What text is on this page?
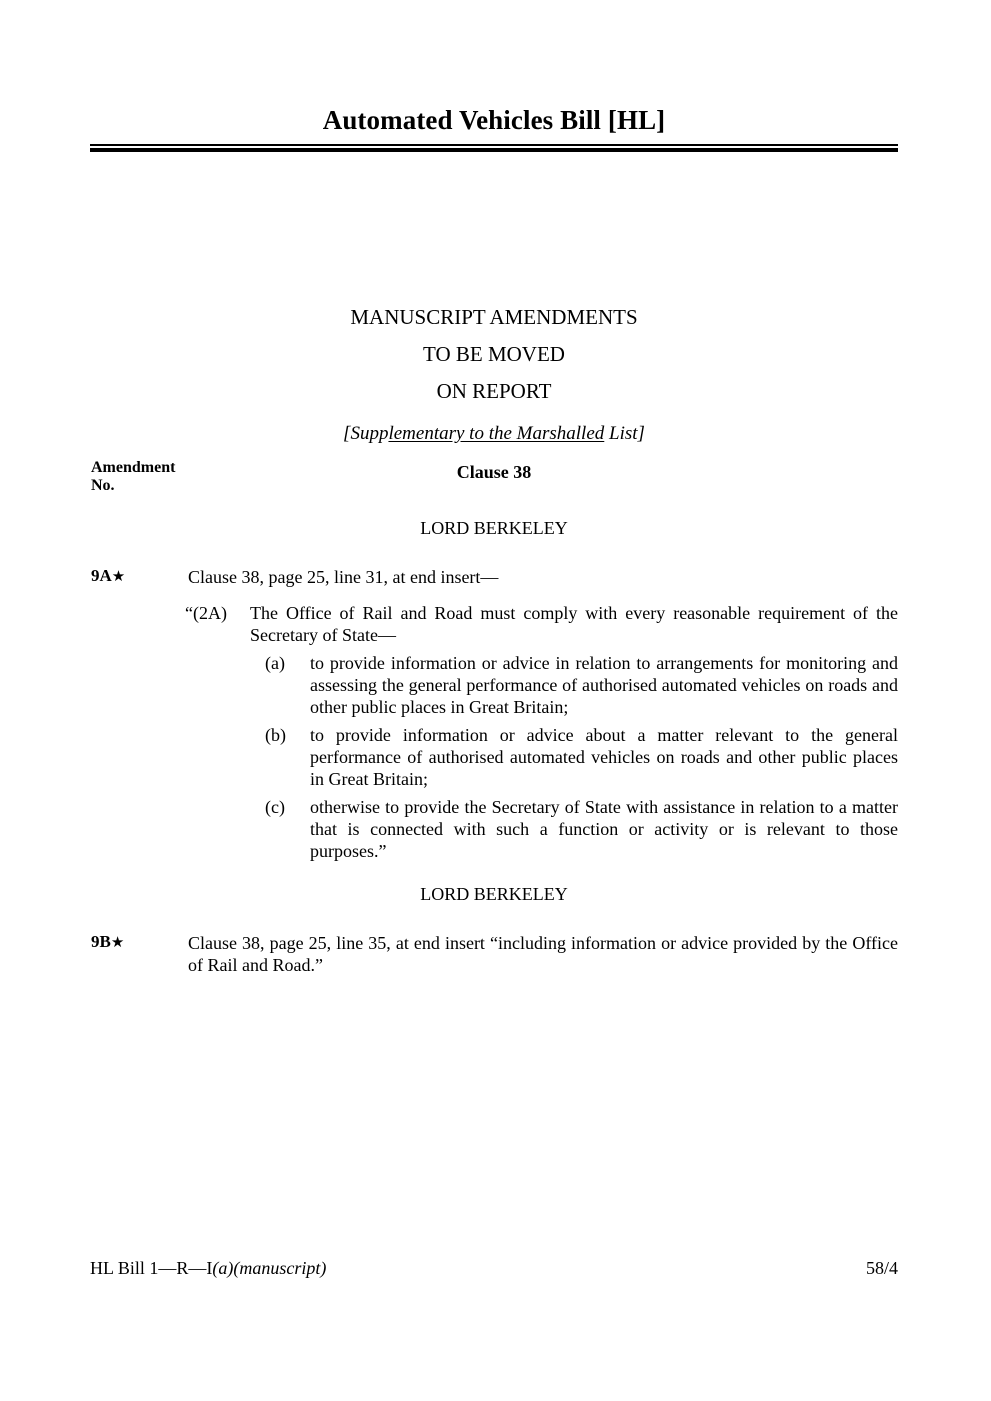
Automated Vehicles Bill [HL]
MANUSCRIPT AMENDMENTS
TO BE MOVED
ON REPORT
[Supplementary to the Marshalled List]
Amendment
No.
Clause 38
LORD BERKELEY
9A★	Clause 38, page 25, line 31, at end insert—
“(2A)	The Office of Rail and Road must comply with every reasonable requirement of the Secretary of State—
(a)	to provide information or advice in relation to arrangements for monitoring and assessing the general performance of authorised automated vehicles on roads and other public places in Great Britain;
(b)	to provide information or advice about a matter relevant to the general performance of authorised automated vehicles on roads and other public places in Great Britain;
(c)	otherwise to provide the Secretary of State with assistance in relation to a matter that is connected with such a function or activity or is relevant to those purposes.”
LORD BERKELEY
9B★	Clause 38, page 25, line 35, at end insert “including information or advice provided by the Office of Rail and Road.”
HL Bill 1—R—I(a)(manuscript)	58/4
